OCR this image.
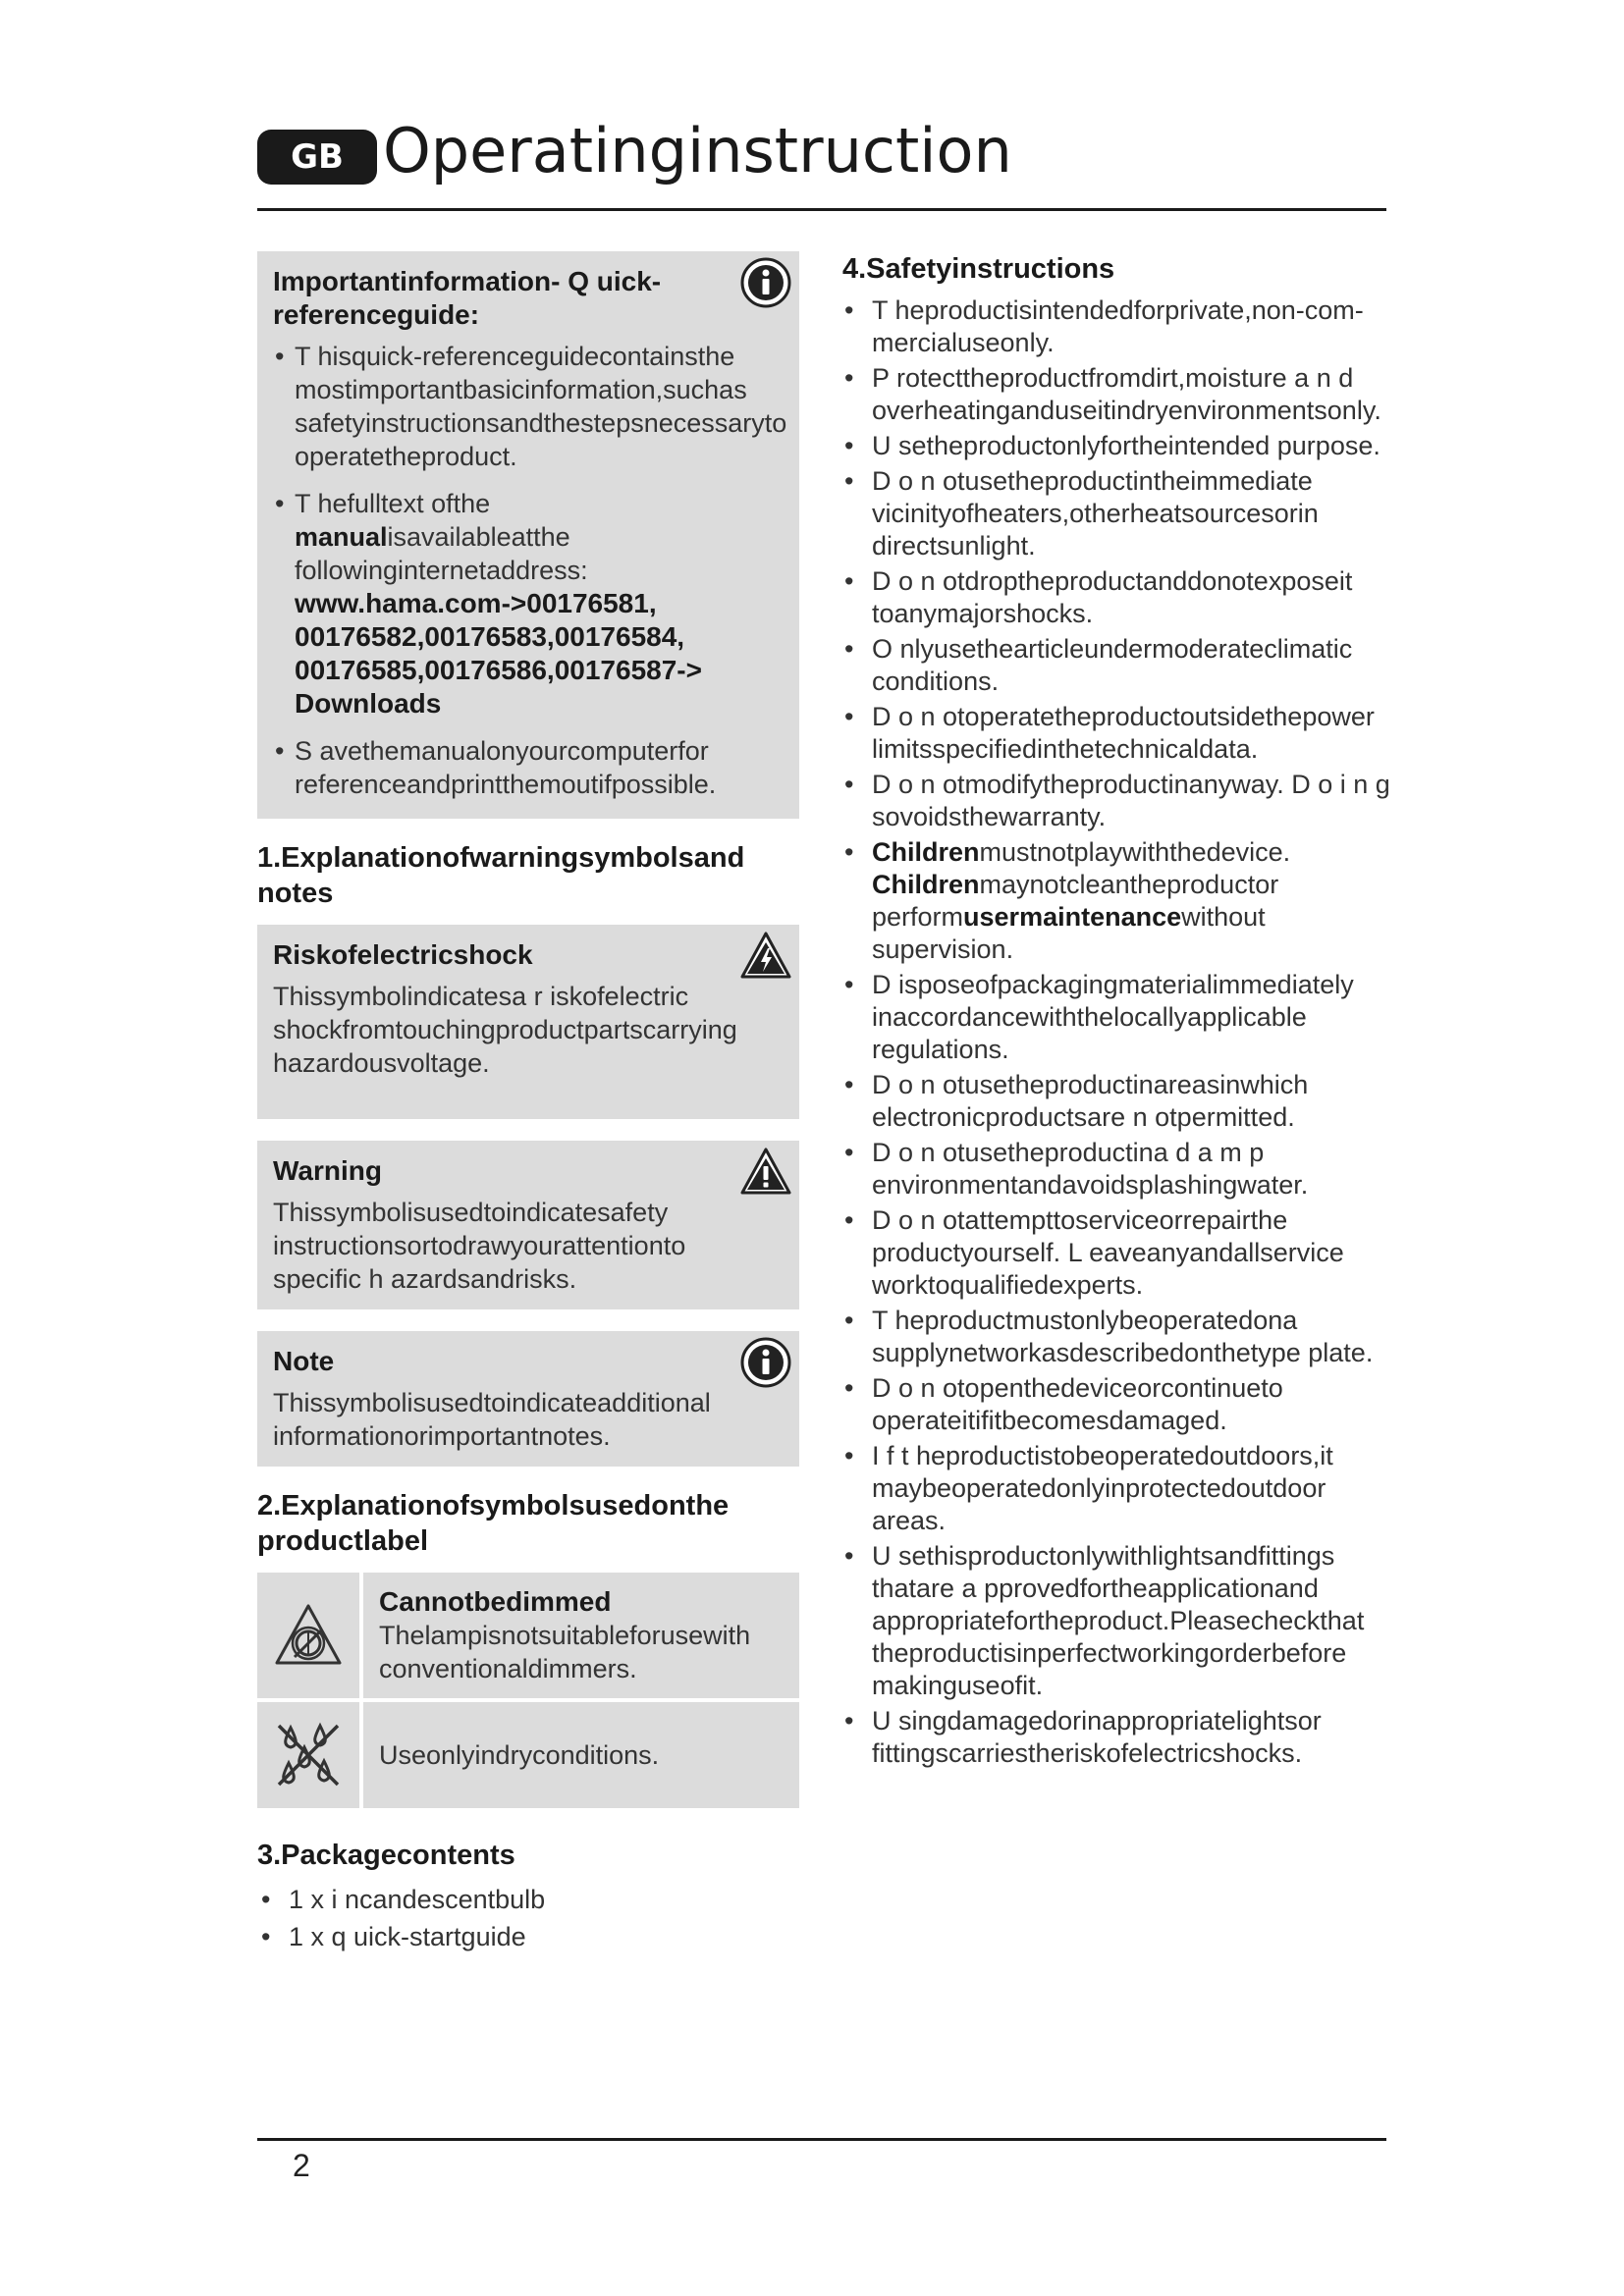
GB Operatinginstruction
Importantinformation- Q uick- referenceguide:
• T hisquick-referenceguidecontainsthe mostimportantbasicinformation,suchas safetyinstructionsandthestepsnecessaryto operatetheproduct.
• T hefulltext ofthe manualisavailableatthe followinginternetaddress:
www.hama.com->00176581, 00176582,00176583,00176584, 00176585,00176586,00176587-> Downloads
• S avethemanualonyourcomputerfor referenceandprintthemoutifpossible.
1.Explanationofwarningsymbolsand notes
Riskofelectricshock

Thissymbolindicatesa r iskofelectric shockfromtouchingproductpartscarrying hazardousvoltage.

Warning

Thissymbolisusedtoindicatesafety instructionsortodrawyourattentionto specific h azardsandrisks.

Note

Thissymbolisusedtoindicateadditional informationorimportantnotes.

2.Explanationofsymbolsusedonthe productlabel
Cannotbedimmed
Thelampisnotsuitableforusewith conventionaldimmers.
Useonlyindryconditions.
3.Packagecontents
• 1 x i ncandescentbulb
• 1 x q uick-startguide
4.Safetyinstructions
• T heproductisintendedforprivate,non-com- mercialuseonly.
• P rotecttheproductfromdirt,moisture a n d overheatinganduseitindryenvironmentsonly.
• U setheproductonlyfortheintended purpose.
• D o n otusetheproductintheimmediate vicinityofheaters,otherheatsourcesorin directsunlight.
• D o n otdroptheproductanddonotexposeit toanymajorshocks.
• O nlyusethearticleundermoderateclimatic conditions.
• D o n otoperatetheproductoutsidethepower limitsspecifiedinthetechnicaldata.
• D o n otmodifytheproductinanyway. D o i n g sovoidsthewarranty.
• Childrenmustnotplaywiththedevice. Childrenmaynotcleantheproductor performusermaintenancewithout supervision.
• D isposeofpackagingmaterialimmediately inaccordancewiththelocallyapplicable regulations.
• D o n otusetheproductinareasinwhich electronicproductsare n otpermitted.
• D o n otusetheproductina d a m p environmentandavoidsplashingwater.
• D o n otattempttoserviceorrepairthe productyourself. L eaveanyandallservice worktoqualifiedexperts.
• T heproductmustonlybeoperatedona supplynetworkasdescribedonthetype plate.
• D o n otopenthedeviceorcontinueto operateitifitbecomesdamaged.
• I f t heproductistobeoperatedoutdoors,it maybeoperatedonlyinprotectedoutdoor areas.
• U sethisproductonlywithlightsandfittings thatare a pprovedfortheapplicationand appropriatefortheproduct.Pleasecheckthat theproductisinperfectworkingorderbefore makinguseofit.
• U singdamagedorinappropriatelightsor fittingscarriestheriskofelectricshocks.
2
